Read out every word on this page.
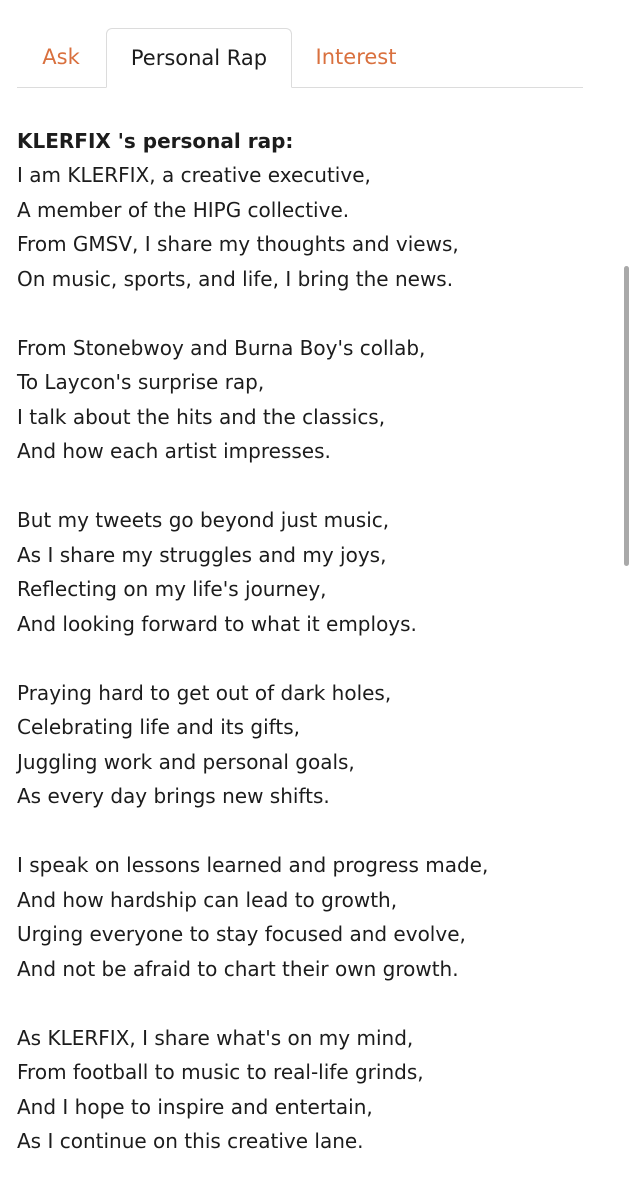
Ask	Personal Rap	Interest

KLERFIX 's personal rap:

I am KLERFIX, a creative executive,
A member of the HIPG collective.
From GMSV, I share my thoughts and views,
On music, sports, and life, I bring the news.
From Stonebwoy and Burna Boy's collab,
To Laycon's surprise rap,
I talk about the hits and the classics,
And how each artist impresses.
But my tweets go beyond just music,
As I share my struggles and my joys,
Reflecting on my life's journey,
And looking forward to what it employs.
Praying hard to get out of dark holes,
Celebrating life and its gifts,
Juggling work and personal goals,
As every day brings new shifts.
I speak on lessons learned and progress made,
And how hardship can lead to growth,
Urging everyone to stay focused and evolve,
And not be afraid to chart their own growth.
As KLERFIX, I share what's on my mind,
From football to music to real-life grinds,
And I hope to inspire and entertain,
As I continue on this creative lane.
